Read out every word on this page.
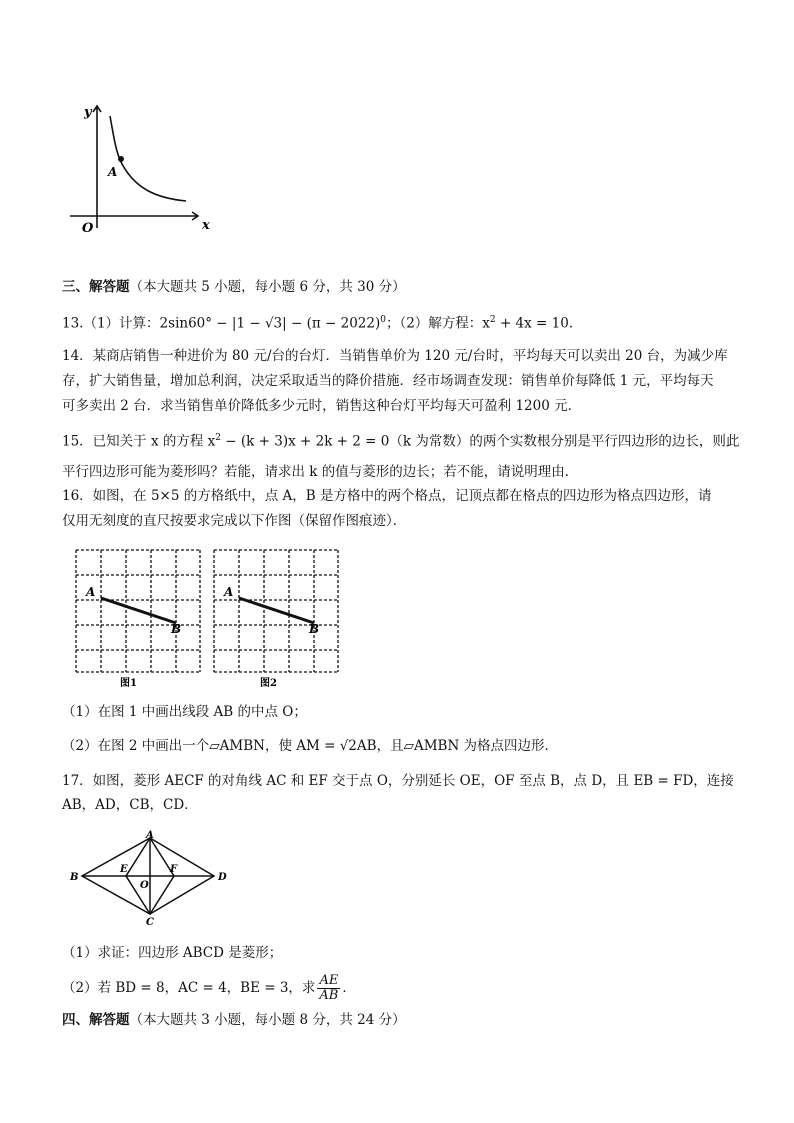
y
x
O
A
三、解答题（本大题共 5 小题，每小题 6 分，共 30 分）
13.（1）计算：$2\sin 60^\circ - |1 - √3| - (\pi - 2022)^0$；（2）解方程：$x^2 + 4x = 10$．
14．某商店销售一种进价为 80 元/台的台灯．当销售单价为 120 元/台时，平均每天可以卖出 20 台，为减少库
存，扩大销售量，增加总利润，决定采取适当的降价措施．经市场调查发现：销售单价每降低 1 元，平均每天
可多卖出 2 台．求当销售单价降低多少元时，销售这种台灯平均每天可盈利 1200 元．
15．已知关于 x 的方程 $x^2 - (k + 3)x + 2k + 2 = 0(k$ 为常数）的两个实数根分别是平行四边形的边长，则此
平行四边形可能为菱形吗？若能，请求出 k 的值与菱形的边长；若不能，请说明理由．
16．如图，在 5×5 的方格纸中，点 A，B 是方格中的两个格点，记顶点都在格点的四边形为格点四边形，请
仅用无刻度的直尺按要求完成以下作图（保留作图痕迹）．
A
B
图1
A
B
图2
（1）在图 1 中画出线段 AB 的中点 O；
（2）在图 2 中画出一个▱AMBN，使 AM = √2AB，且▱AMBN 为格点四边形．
17．如图，菱形 AECF 的对角线 AC 和 EF 交于点 O，分别延长 OE，OF 至点 B，点 D，且 EB = FD，连接
AB，AD，CB，CD．
A
B
C
D
E	F
O
（1）求证：四边形 ABCD 是菱形；
（2）若 BD = 8，AC = 4，BE = 3，求 $\frac{AE}{AB}$ ．
四、解答题（本大题共 3 小题，每小题 8 分，共 24 分）
